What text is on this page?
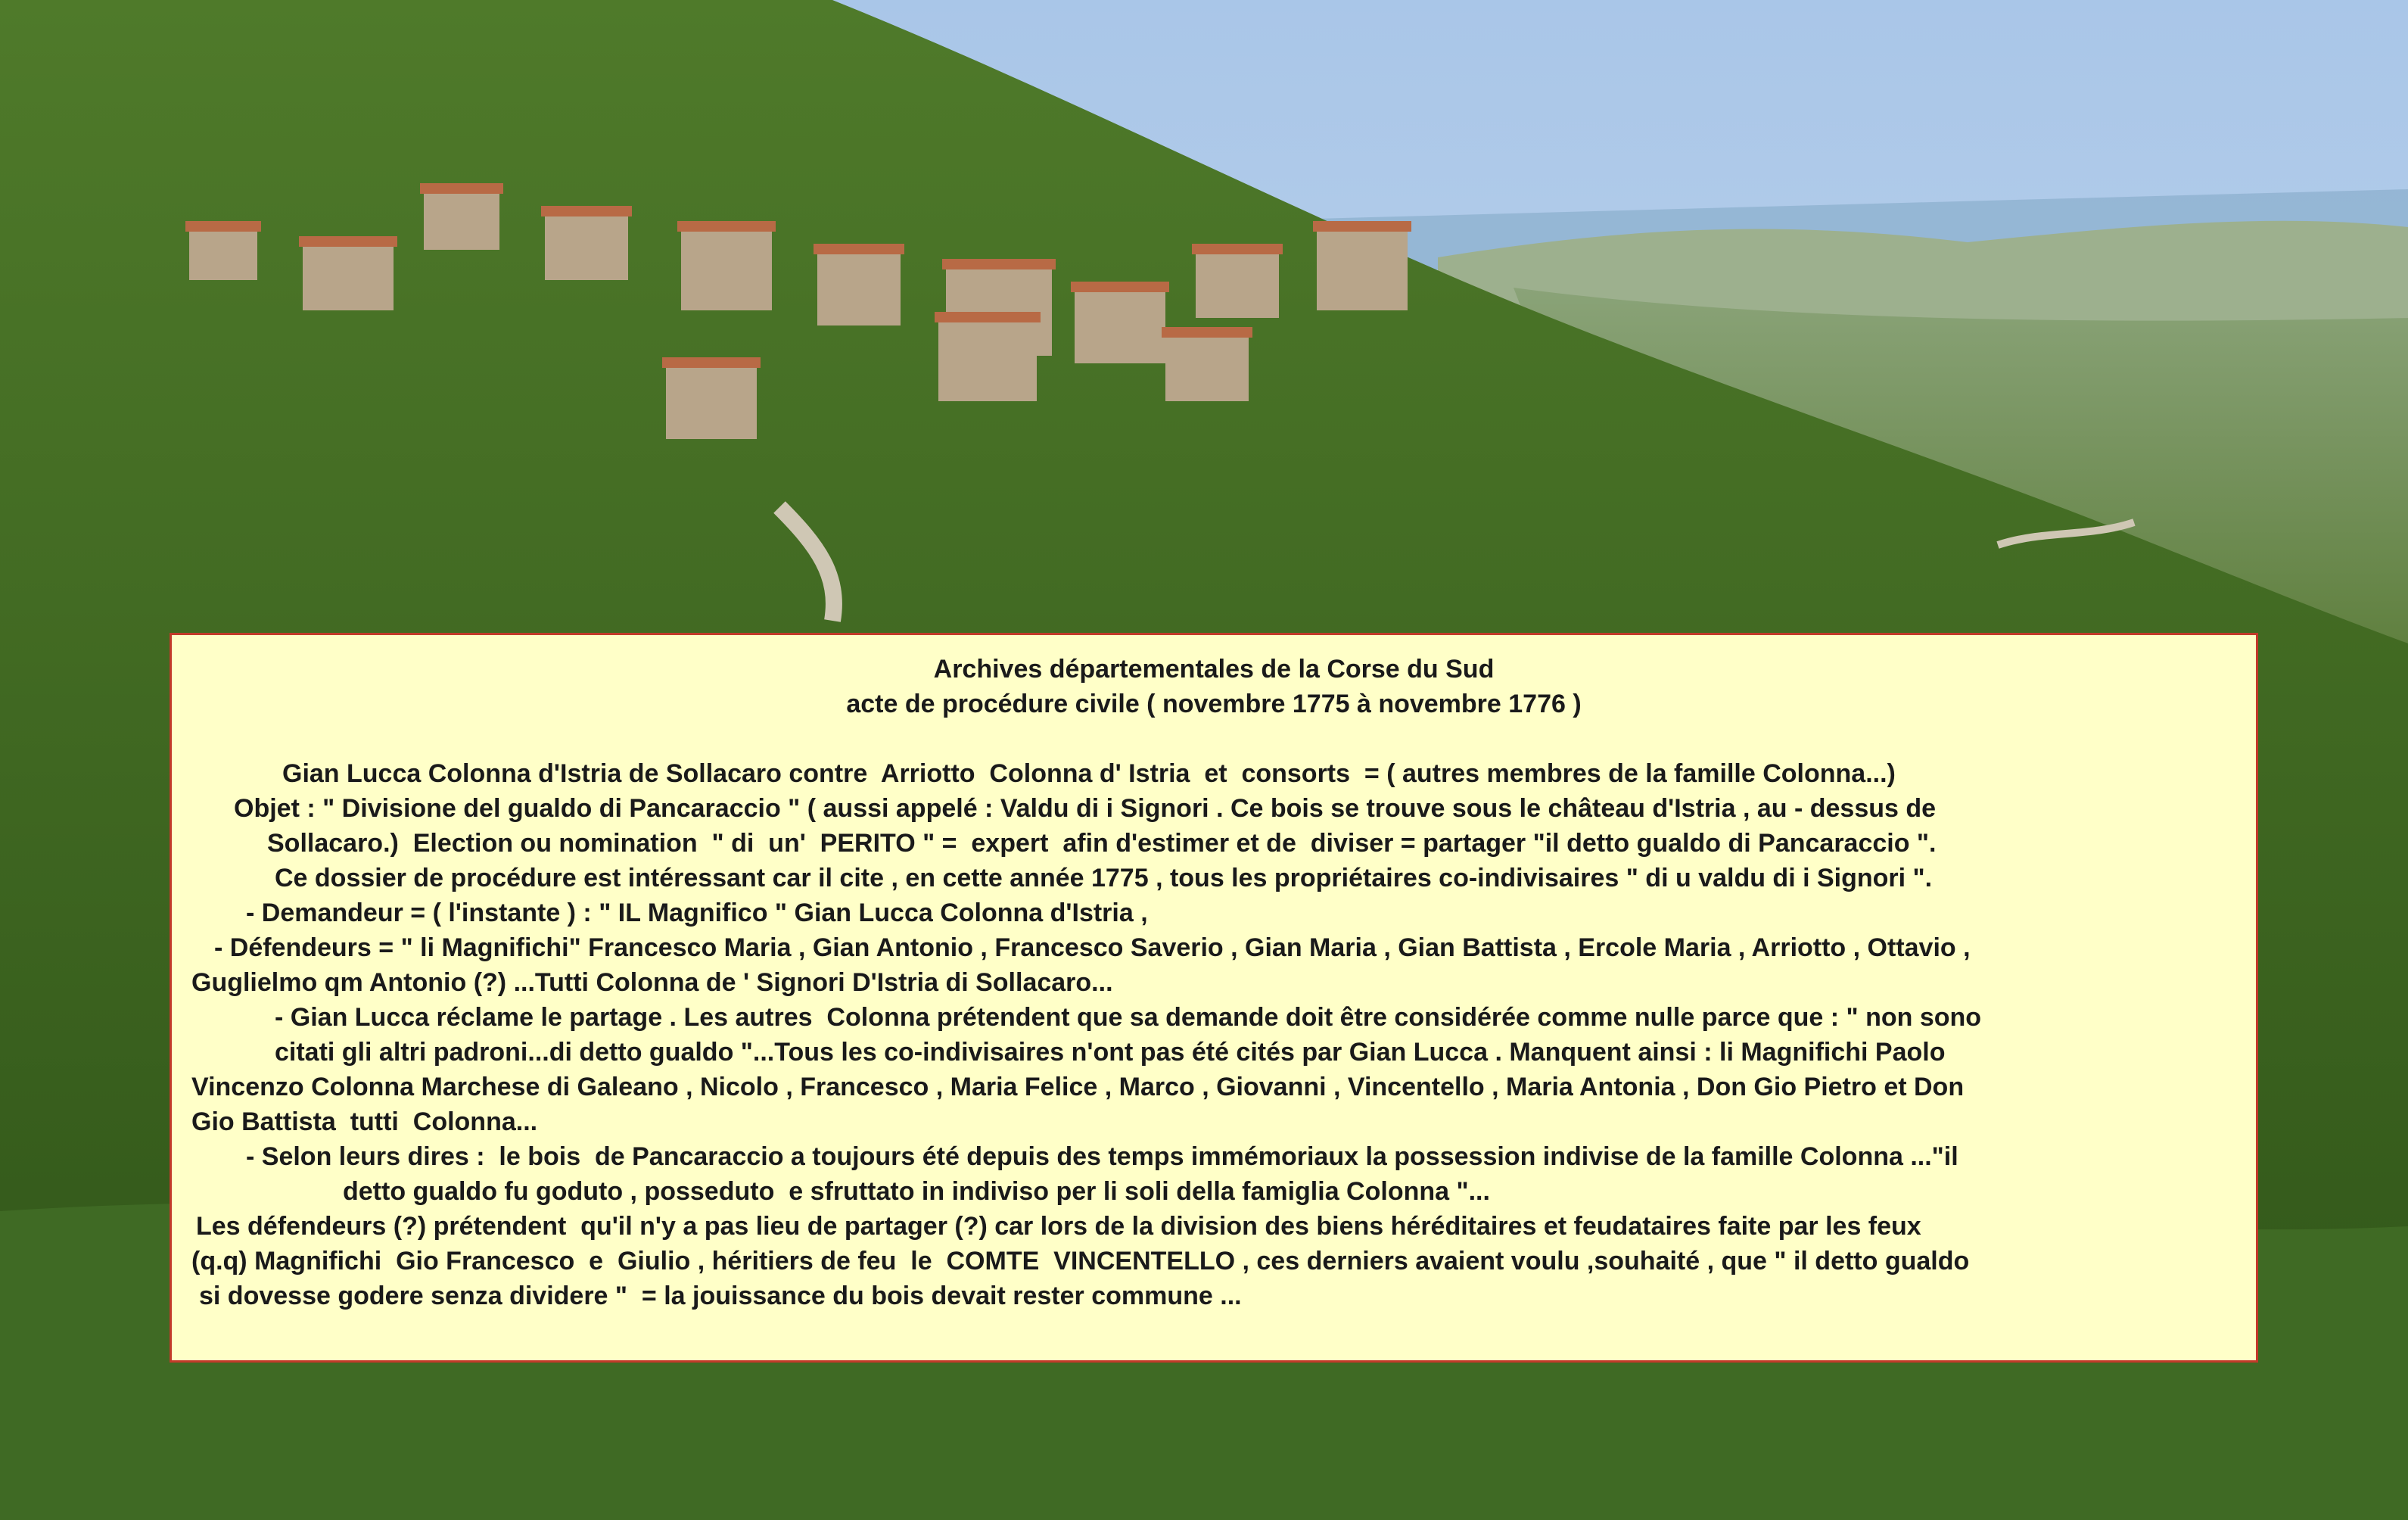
Archives départementales de la Corse du Sud

acte de procédure civile ( novembre 1775 à novembre 1776 )

Gian Lucca Colonna d'Istria de Sollacaro contre  Arriotto  Colonna d' Istria  et  consorts  = ( autres membres de la famille Colonna...)

Objet : " Divisione del gualdo di Pancaraccio " ( aussi appelé : Valdu di i Signori . Ce bois se trouve sous le château d'Istria , au - dessus de

Sollacaro.)  Election ou nomination  " di  un'  PERITO " =  expert  afin d'estimer et de  diviser = partager "il detto gualdo di Pancaraccio ".

Ce dossier de procédure est intéressant car il cite , en cette année 1775 , tous les propriétaires co-indivisaires " di u valdu di i Signori ".

- Demandeur = ( l'instante ) : " IL Magnifico " Gian Lucca Colonna d'Istria ,

- Défendeurs = " li Magnifichi" Francesco Maria , Gian Antonio , Francesco Saverio , Gian Maria , Gian Battista , Ercole Maria , Arriotto , Ottavio ,

Guglielmo qm Antonio (?) ...Tutti Colonna de ' Signori D'Istria di Sollacaro...

- Gian Lucca réclame le partage . Les autres  Colonna prétendent que sa demande doit être considérée comme nulle parce que : " non sono

citati gli altri padroni...di detto gualdo "...Tous les co-indivisaires n'ont pas été cités par Gian Lucca . Manquent ainsi : li Magnifichi Paolo

Vincenzo Colonna Marchese di Galeano , Nicolo , Francesco , Maria Felice , Marco , Giovanni , Vincentello , Maria Antonia , Don Gio Pietro et Don

Gio Battista  tutti  Colonna...

- Selon leurs dires :  le bois  de Pancaraccio a toujours été depuis des temps immémoriaux la possession indivise de la famille Colonna ..."il

detto gualdo fu goduto , posseduto  e sfruttato in indiviso per li soli della famiglia Colonna "...

Les défendeurs (?) prétendent  qu'il n'y a pas lieu de partager (?) car lors de la division des biens héréditaires et feudataires faite par les feux

(q.q) Magnifichi  Gio Francesco  e  Giulio , héritiers de feu  le  COMTE  VINCENTELLO , ces derniers avaient voulu ,souhaité , que " il detto gualdo

si dovesse godere senza dividere "  = la jouissance du bois devait rester commune ...
